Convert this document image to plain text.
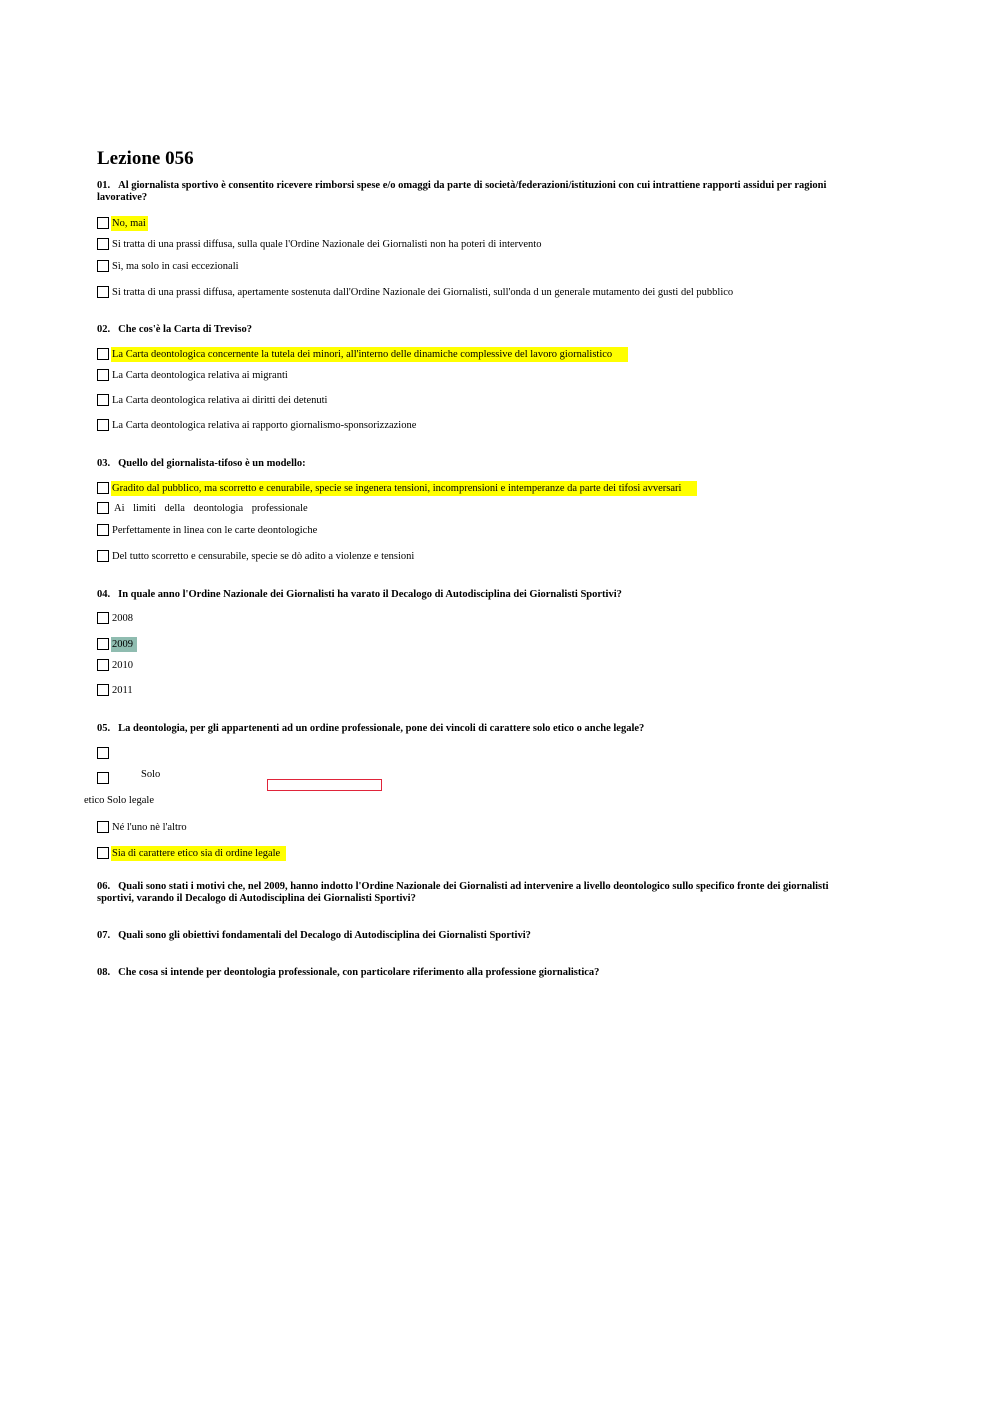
Lezione 056
01. Al giornalista sportivo è consentito ricevere rimborsi spese e/o omaggi da parte di società/federazioni/istituzioni con cui intrattiene rapporti assidui per ragioni lavorative?
No, mai
Si tratta di una prassi diffusa, sulla quale l'Ordine Nazionale dei Giornalisti non ha poteri di intervento
Sì, ma solo in casi eccezionali
Si tratta di una prassi diffusa, apertamente sostenuta dall'Ordine Nazionale dei Giornalisti, sull'onda d un generale mutamento dei gusti del pubblico
02. Che cos'è la Carta di Treviso?
La Carta deontologica concernente la tutela dei minori, all'interno delle dinamiche complessive del lavoro giornalistico
La Carta deontologica relativa ai migranti
La Carta deontologica relativa ai diritti dei detenuti
La Carta deontologica relativa ai rapporto giornalismo-sponsorizzazione
03. Quello del giornalista-tifoso è un modello:
Gradito dal pubblico, ma scorretto e cenurabile, specie se ingenera tensioni, incomprensioni e intemperanze da parte dei tifosi avversari
Ai limiti della deontologia professionale
Perfettamente in linea con le carte deontologiche
Del tutto scorretto e censurabile, specie se dò adito a violenze e tensioni
04. In quale anno l'Ordine Nazionale dei Giornalisti ha varato il Decalogo di Autodisciplina dei Giornalisti Sportivi?
2008
2009
2010
2011
05. La deontologia, per gli appartenenti ad un ordine professionale, pone dei vincoli di carattere solo etico o anche legale?
Solo
etico Solo legale
Né l'uno nè l'altro
Sia di carattere etico sia di ordine legale
06. Quali sono stati i motivi che, nel 2009, hanno indotto l'Ordine Nazionale dei Giornalisti ad intervenire a livello deontologico sullo specifico fronte dei giornalisti sportivi, varando il Decalogo di Autodisciplina dei Giornalisti Sportivi?
07. Quali sono gli obiettivi fondamentali del Decalogo di Autodisciplina dei Giornalisti Sportivi?
08. Che cosa si intende per deontologia professionale, con particolare riferimento alla professione giornalistica?
